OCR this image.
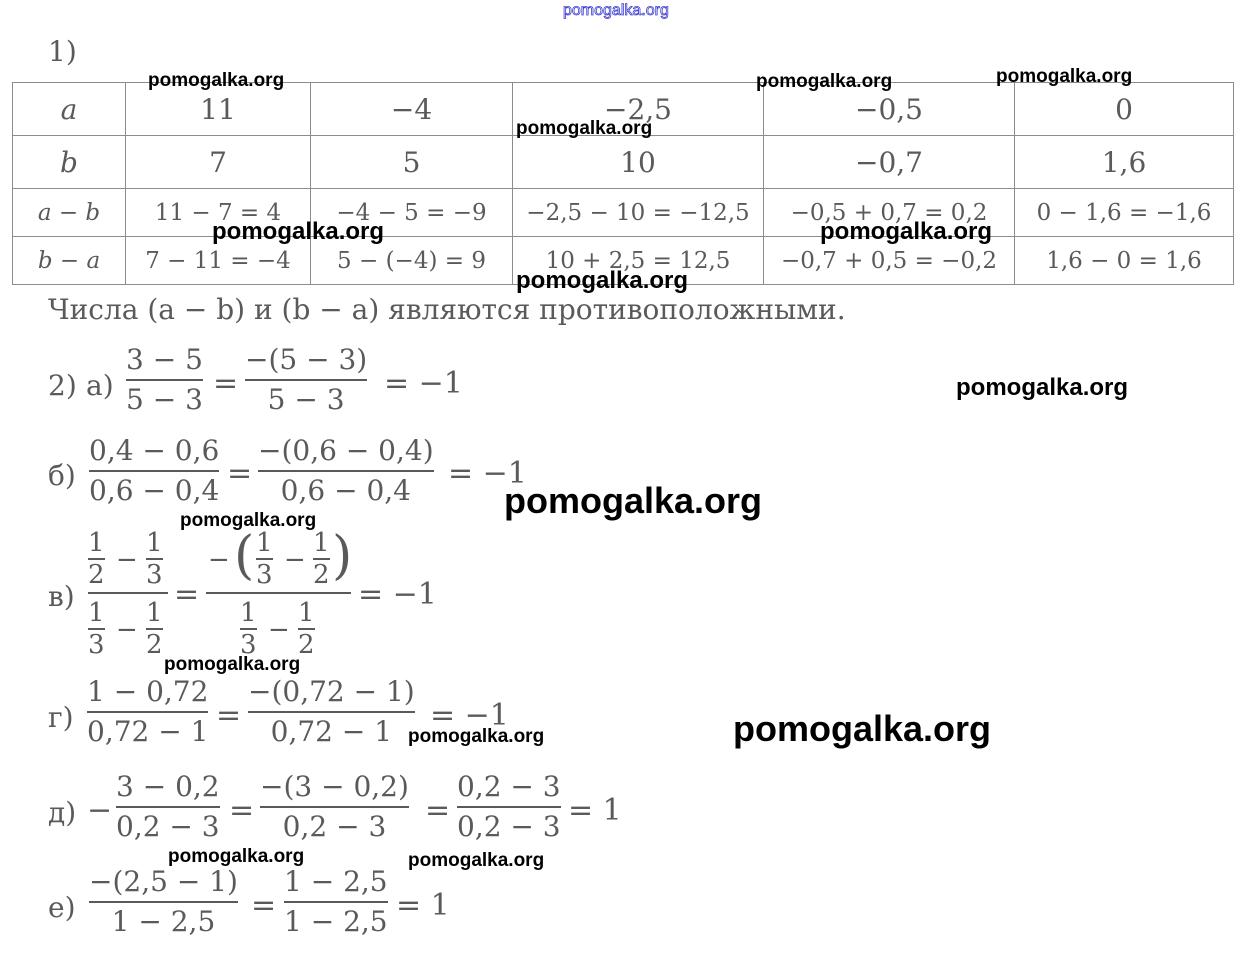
pomogalka.org
1)
a	11	−4	−2,5	−0,5	0
b	7	5	10	−0,7	1,6
a − b	11 − 7 = 4	−4 − 5 = −9	−2,5 − 10 = −12,5	−0,5 + 0,7 = 0,2	0 − 1,6 = −1,6
b − a	7 − 11 = −4	5 − (−4) = 9	10 + 2,5 = 12,5	−0,7 + 0,5 = −0,2	1,6 − 0 = 1,6
Числа (a − b) и (b − a) являются противоположными.
2) а)
3 − 5
5 − 3 =
−(5 − 3)
5 − 3 = −1
б)
0,4 − 0,6
0,6 − 0,4 =
−(0,6 − 0,4)
0,6 − 0,4 = −1
в)
1
2 −
1
3
1
3 −
1
2
=
− ( 1
3 −
1
2 )
1
3 −
1
2
= −1
г)
1 − 0,72
0,72 − 1 =
−(0,72 − 1)
0,72 − 1 = −1
д) −
3 − 0,2
0,2 − 3 =
−(3 − 0,2)
0,2 − 3 =
0,2 − 3
0,2 − 3 = 1
е)
−(2,5 − 1)
1 − 2,5 =
1 − 2,5
1 − 2,5 = 1
pomogalka.org	pomogalka.org	pomogalka.org
pomogalka.org
pomogalka.org	pomogalka.org
pomogalka.org
pomogalka.org
pomogalka.org
pomogalka.org
pomogalka.org
pomogalka.org
pomogalka.org
pomogalka.org	pomogalka.org
